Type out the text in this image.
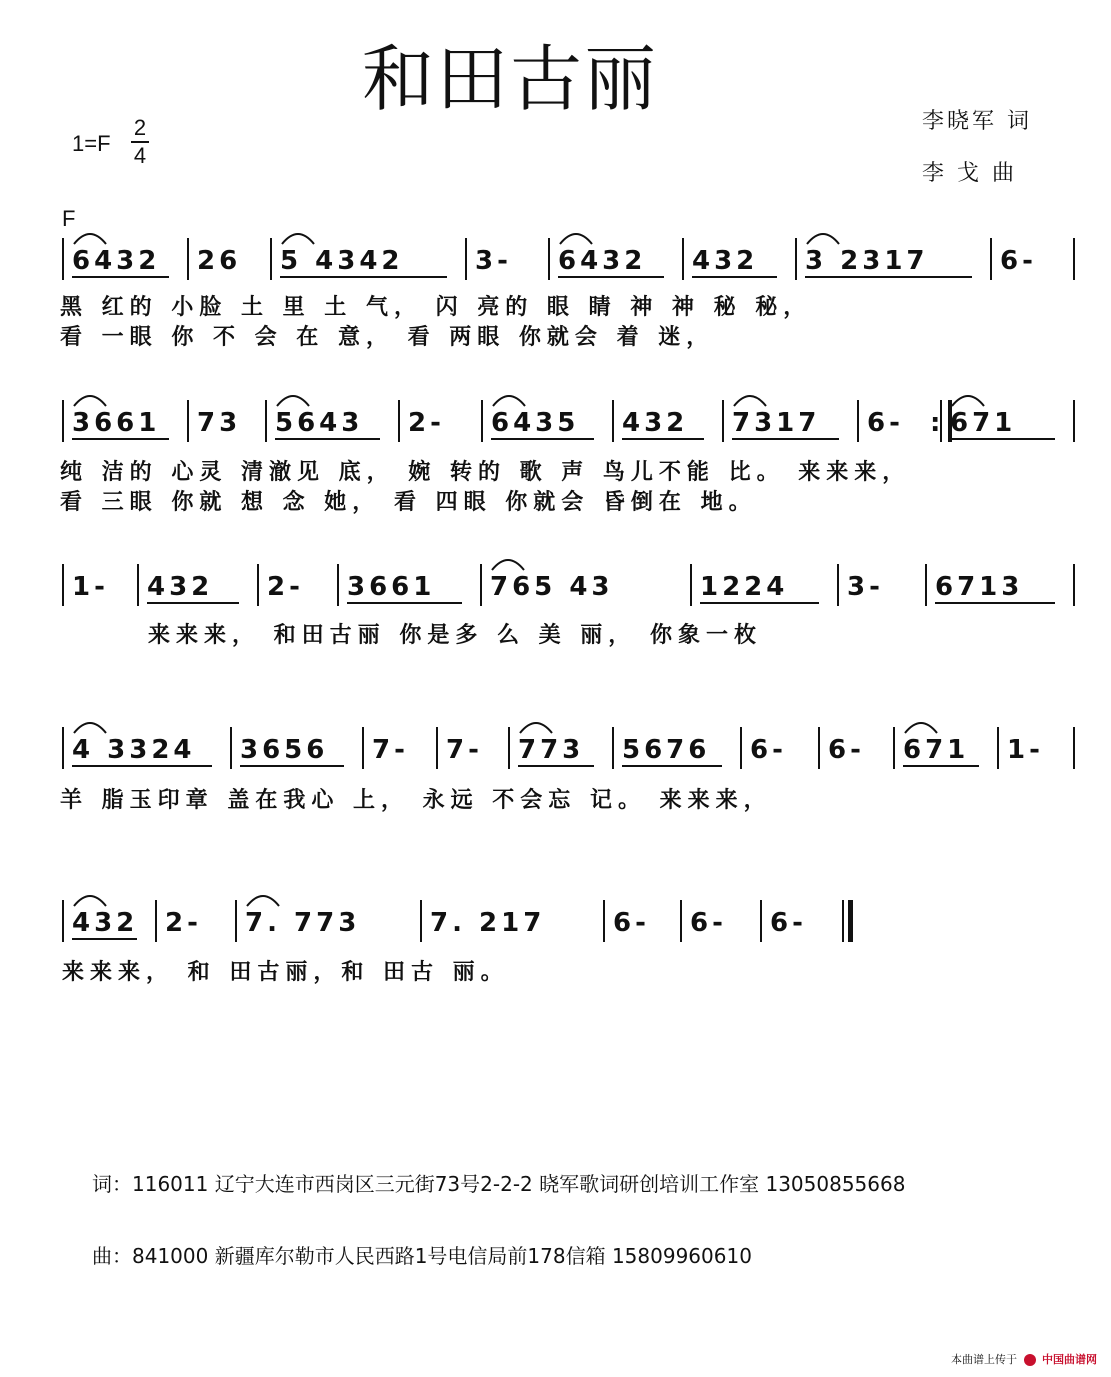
和田古丽
1=F
2
4
李晓军 词
李 戈 曲
F
6432 26 5 4342	3- 6432 432 3 2317	6-
黑 红的 小脸 土 里 土 气， 闪 亮的 眼 睛 神 神 秘 秘，
看 一眼 你 不 会 在 意， 看 两眼 你就会 着 迷，
3661 73 5643 2- 6435 432 7317 6- 671
:
纯 洁的 心灵 清澈见 底， 婉 转的 歌 声 鸟儿不能 比。 来来来，
看 三眼 你就 想 念 她， 看 四眼 你就会 昏倒在 地。
1- 432 2- 3661 765 43	1224 3- 6713
来来来， 和田古丽 你是多 么 美 丽， 你象一枚
4 3324 3656 7- 7- 773 5676 6- 6- 671 1-
羊 脂玉印章 盖在我心 上， 永远 不会忘 记。 来来来，
432 2- 7. 773	7. 217	6- 6- 6-
来来来， 和 田古丽，和 田古 丽。
词：116011 辽宁大连市西岗区三元街73号2-2-2 晓军歌词研创培训工作室 13050855668
曲：841000 新疆库尔勒市人民西路1号电信局前178信箱 15809960610
本曲谱上传于 中国曲谱网
